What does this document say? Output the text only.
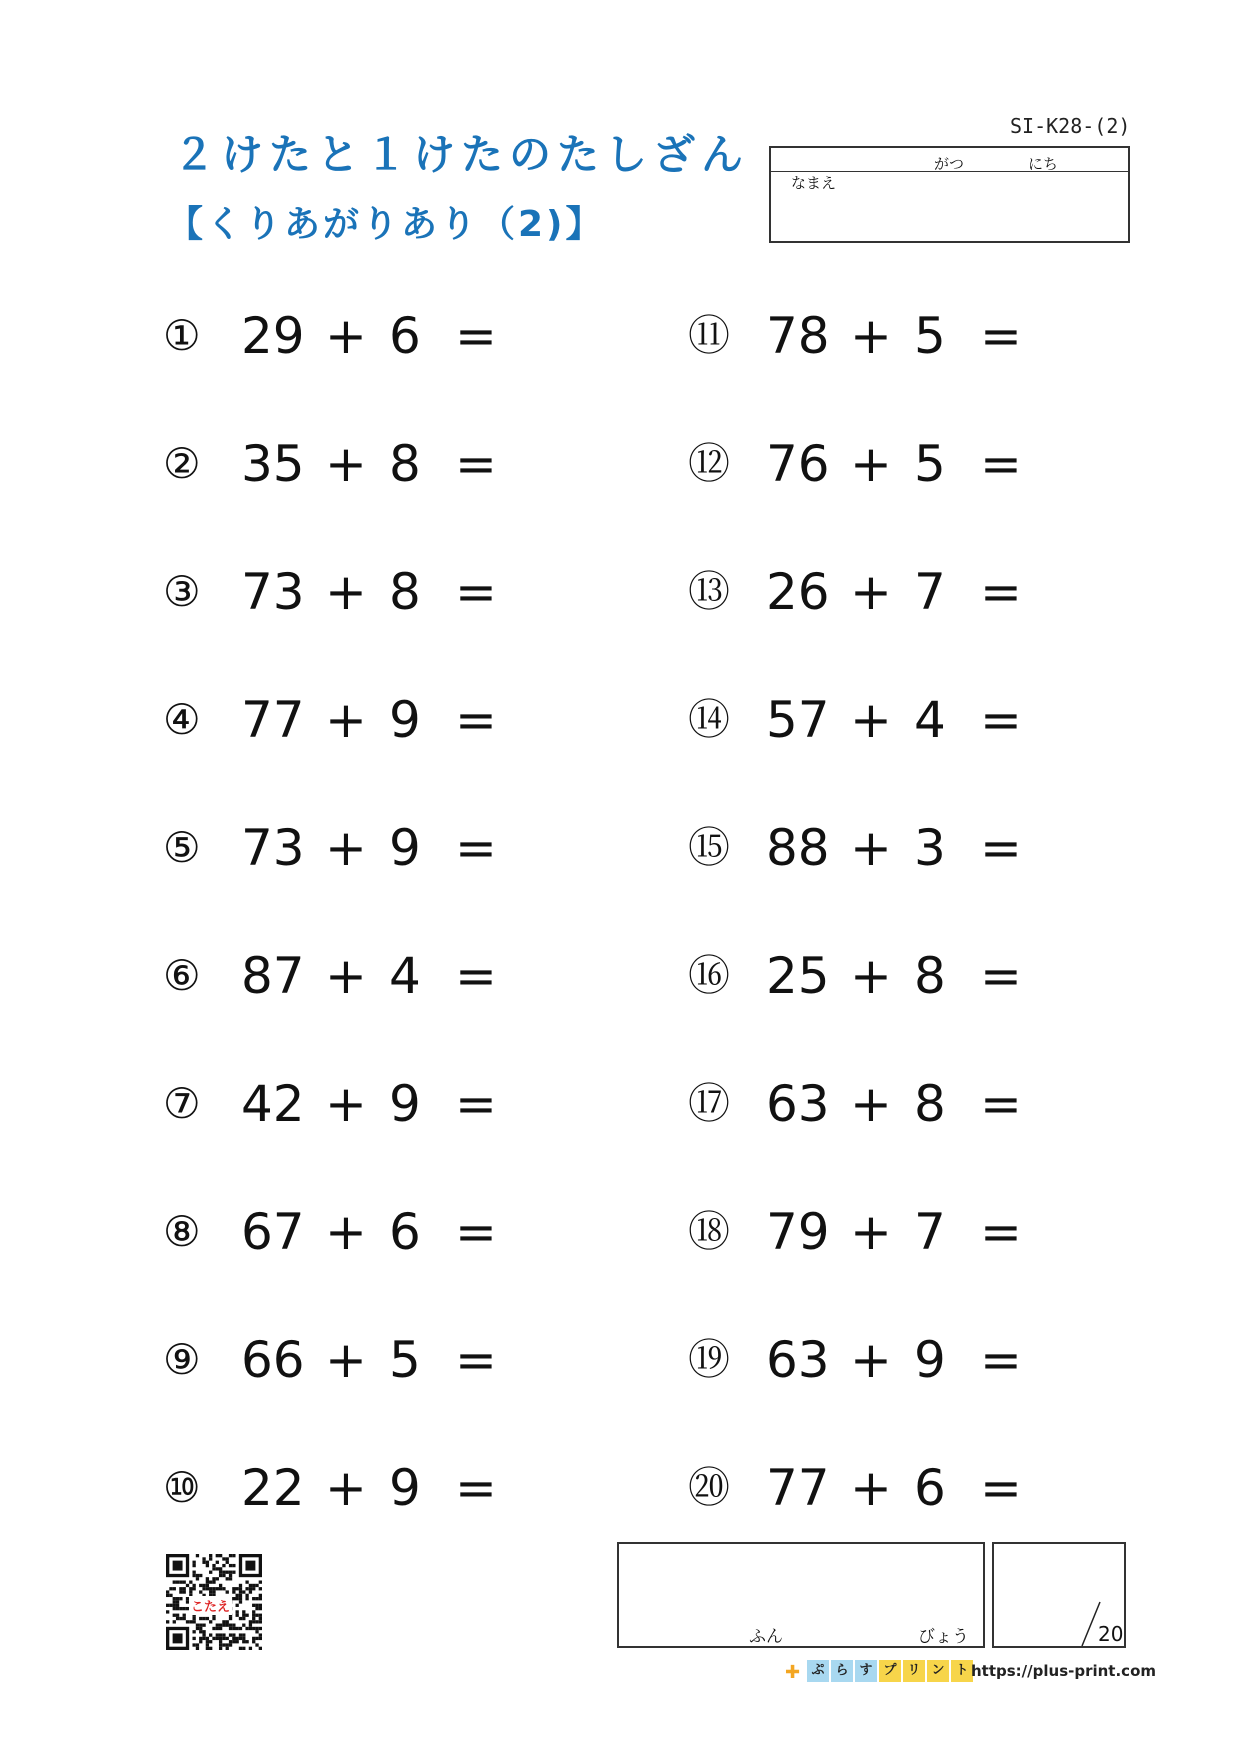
２けたと１けたのたしざん
【くりあがりあり（2)】
SI-K28-(2)
がつ	にち
なまえ
① 29 + 6 =
② 35 + 8 =
③ 73 + 8 =
④ 77 + 9 =
⑤ 73 + 9 =
⑥ 87 + 4 =
⑦ 42 + 9 =
⑧ 67 + 6 =
⑨ 66 + 5 =
⑩ 22 + 9 =
⑪ 78 + 5 =
⑫ 76 + 5 =
⑬ 26 + 7 =
⑭ 57 + 4 =
⑮ 88 + 3 =
⑯ 25 + 8 =
⑰ 63 + 8 =
⑱ 79 + 7 =
⑲ 63 + 9 =
⑳ 77 + 6 =
こたえ
ふん	びょう	20
✚ ぷ ら す プ リ ン ト https://plus-print.com
